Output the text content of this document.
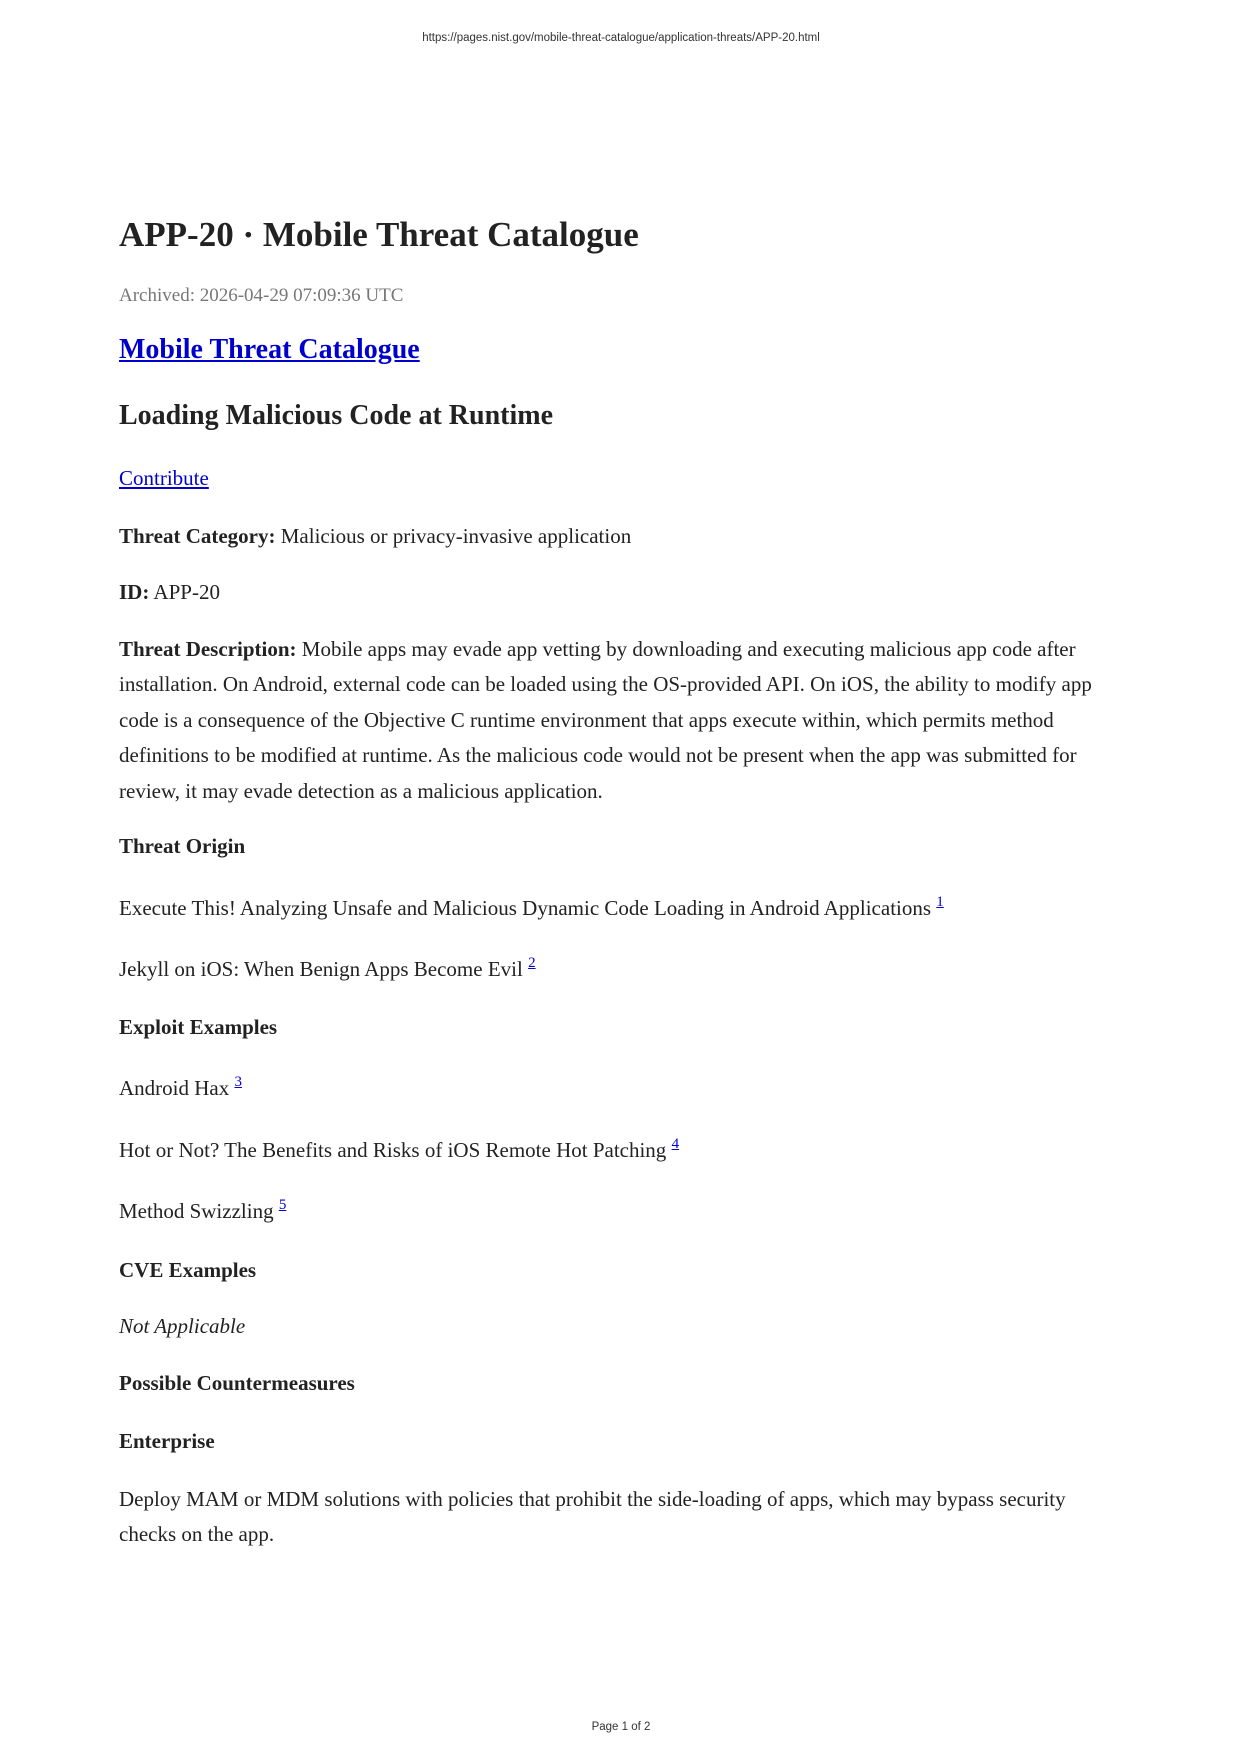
https://pages.nist.gov/mobile-threat-catalogue/application-threats/APP-20.html
APP-20 · Mobile Threat Catalogue
Archived: 2026-04-29 07:09:36 UTC
Mobile Threat Catalogue
Loading Malicious Code at Runtime

Contribute

Threat Category: Malicious or privacy-invasive application

ID: APP-20

Threat Description: Mobile apps may evade app vetting by downloading and executing malicious app code after installation. On Android, external code can be loaded using the OS-provided API. On iOS, the ability to modify app code is a consequence of the Objective C runtime environment that apps execute within, which permits method definitions to be modified at runtime. As the malicious code would not be present when the app was submitted for review, it may evade detection as a malicious application.

Threat Origin

Execute This! Analyzing Unsafe and Malicious Dynamic Code Loading in Android Applications $^1$

Jekyll on iOS: When Benign Apps Become Evil $^2$

Exploit Examples

Android Hax $^3$

Hot or Not? The Benefits and Risks of iOS Remote Hot Patching $^4$

Method Swizzling $^5$

CVE Examples

Not Applicable

Possible Countermeasures
Enterprise

Deploy MAM or MDM solutions with policies that prohibit the side-loading of apps, which may bypass security checks on the app.

Page 1 of 2
